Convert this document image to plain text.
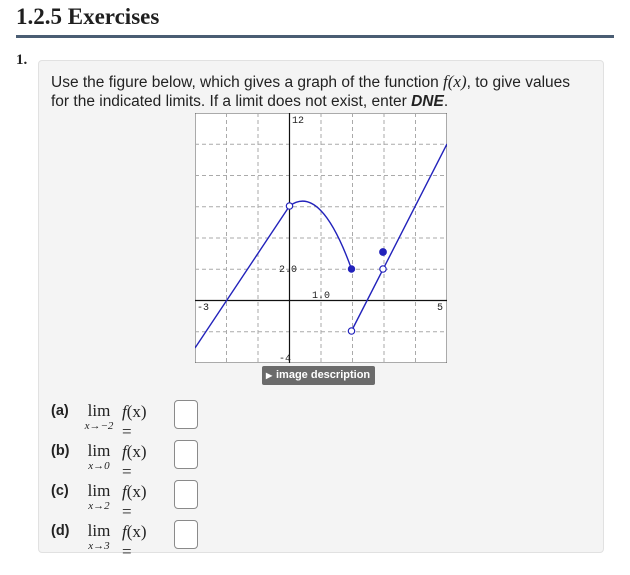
1.2.5 Exercises
1.
Use the figure below, which gives a graph of the function f(x), to give values for the indicated limits. If a limit does not exist, enter DNE.
12
-4
2.0
-3	5
1.0
▶ image description
(a)	lim
x→−2
f(x) =
(b)	lim
x→0
f(x) =
(c)	lim
x→2
f(x) =
(d)	lim
x→3
f(x) =
